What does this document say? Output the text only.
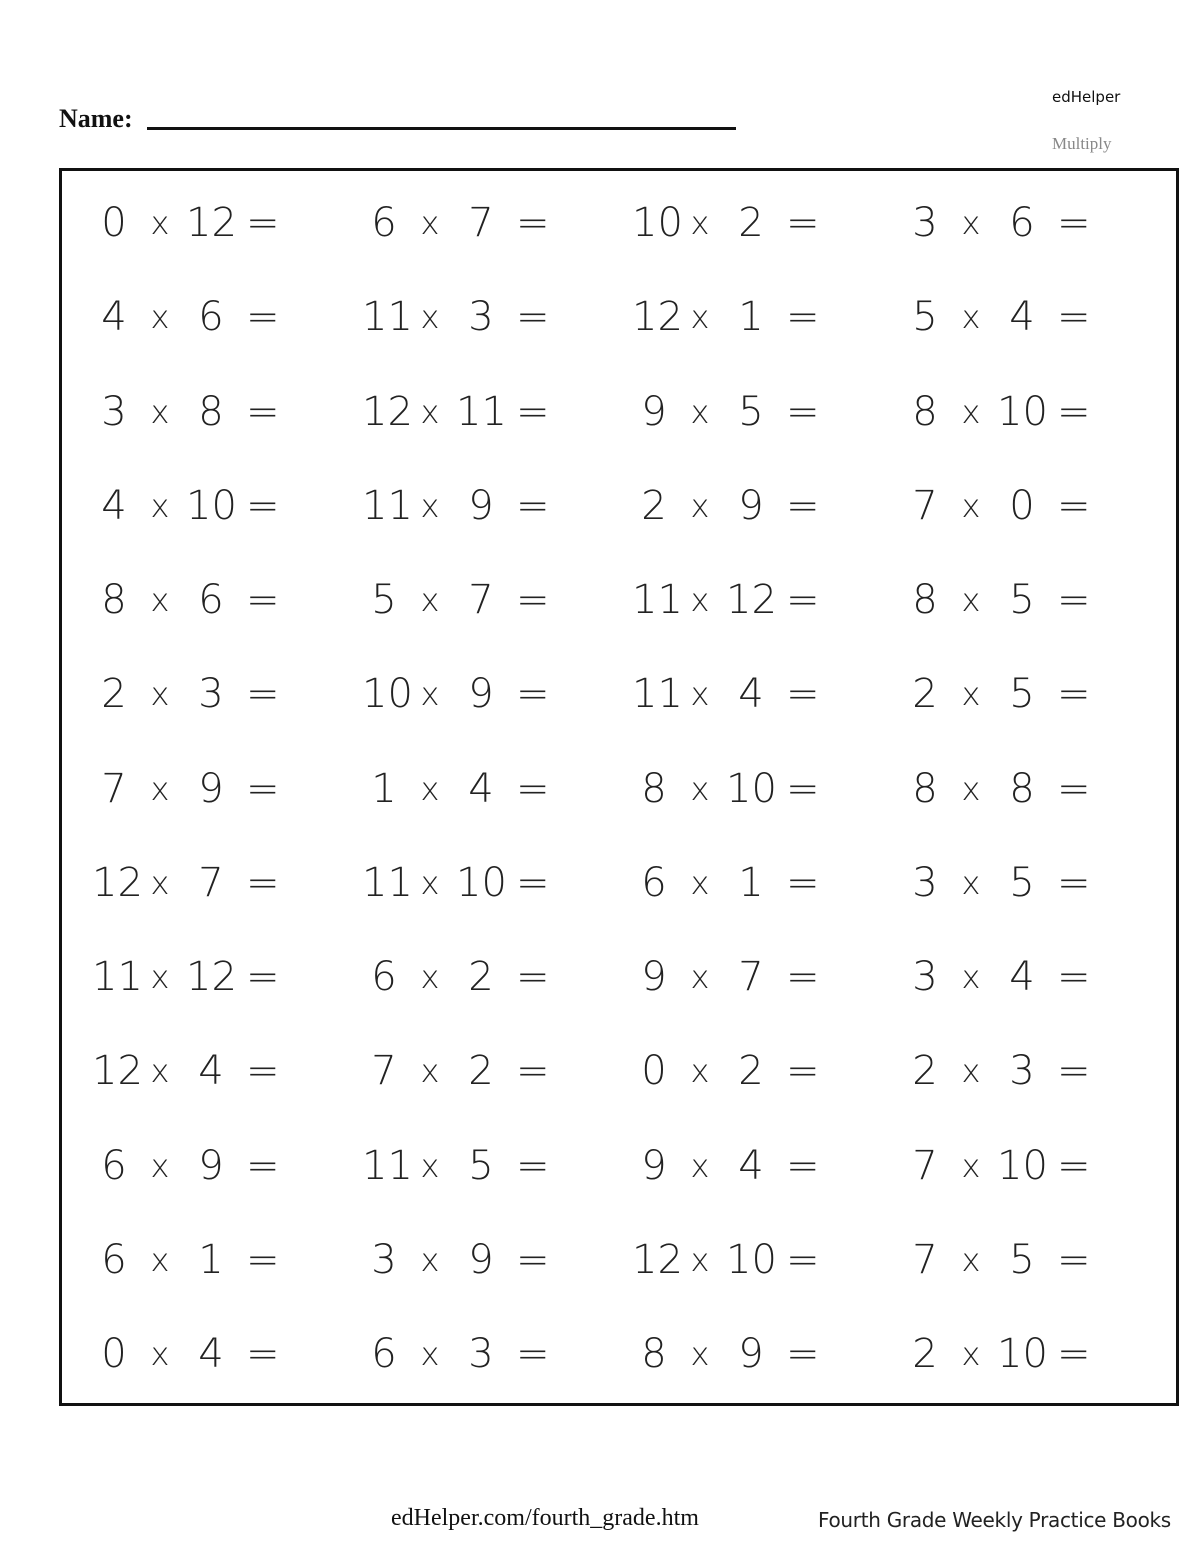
Name:
edHelper
Multiply
0 x 12 = 6 x 7 = 10 x 2 = 3 x 6 =
4 x 6 = 11 x 3 = 12 x 1 = 5 x 4 =
3 x 8 = 12 x 11 = 9 x 5 = 8 x 10 =
4 x 10 = 11 x 9 = 2 x 9 = 7 x 0 =
8 x 6 = 5 x 7 = 11 x 12 = 8 x 5 =
2 x 3 = 10 x 9 = 11 x 4 = 2 x 5 =
7 x 9 = 1 x 4 = 8 x 10 = 8 x 8 =
12 x 7 = 11 x 10 = 6 x 1 = 3 x 5 =
11 x 12 = 6 x 2 = 9 x 7 = 3 x 4 =
12 x 4 = 7 x 2 = 0 x 2 = 2 x 3 =
6 x 9 = 11 x 5 = 9 x 4 = 7 x 10 =
6 x 1 = 3 x 9 = 12 x 10 = 7 x 5 =
0 x 4 = 6 x 3 = 8 x 9 = 2 x 10 =
edHelper.com/fourth_grade.htm	Fourth Grade Weekly Practice Books
